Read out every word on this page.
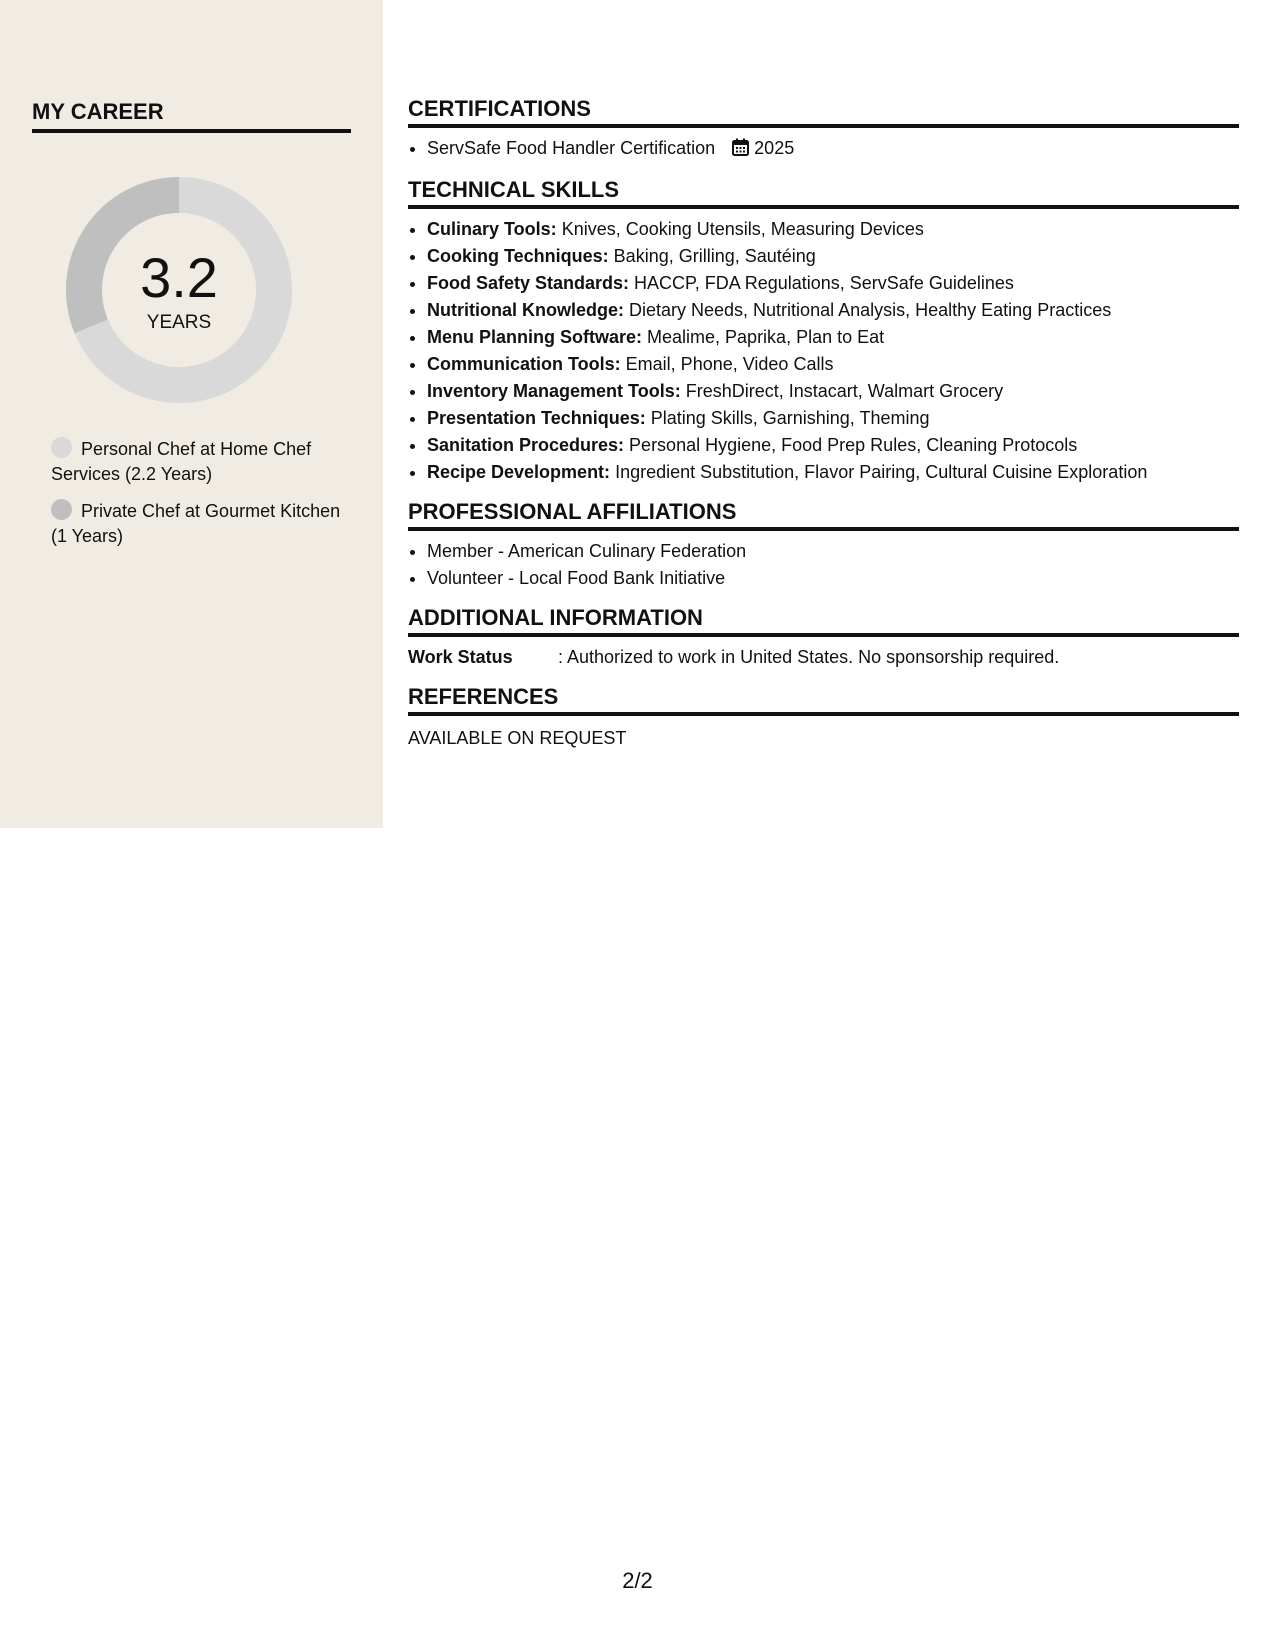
MY CAREER
3.2
YEARS
Personal Chef at Home Chef Services (2.2 Years)
Private Chef at Gourmet Kitchen (1 Years)
CERTIFICATIONS
• ServSafe Food Handler Certification 2025
TECHNICAL SKILLS
• Culinary Tools: Knives, Cooking Utensils, Measuring Devices
• Cooking Techniques: Baking, Grilling, Sautéing
• Food Safety Standards: HACCP, FDA Regulations, ServSafe Guidelines
• Nutritional Knowledge: Dietary Needs, Nutritional Analysis, Healthy Eating Practices
• Menu Planning Software: Mealime, Paprika, Plan to Eat
• Communication Tools: Email, Phone, Video Calls
• Inventory Management Tools: FreshDirect, Instacart, Walmart Grocery
• Presentation Techniques: Plating Skills, Garnishing, Theming
• Sanitation Procedures: Personal Hygiene, Food Prep Rules, Cleaning Protocols
• Recipe Development: Ingredient Substitution, Flavor Pairing, Cultural Cuisine Exploration
PROFESSIONAL AFFILIATIONS
• Member - American Culinary Federation
• Volunteer - Local Food Bank Initiative
ADDITIONAL INFORMATION
Work Status	: Authorized to work in United States. No sponsorship required.
REFERENCES
AVAILABLE ON REQUEST
2/2
